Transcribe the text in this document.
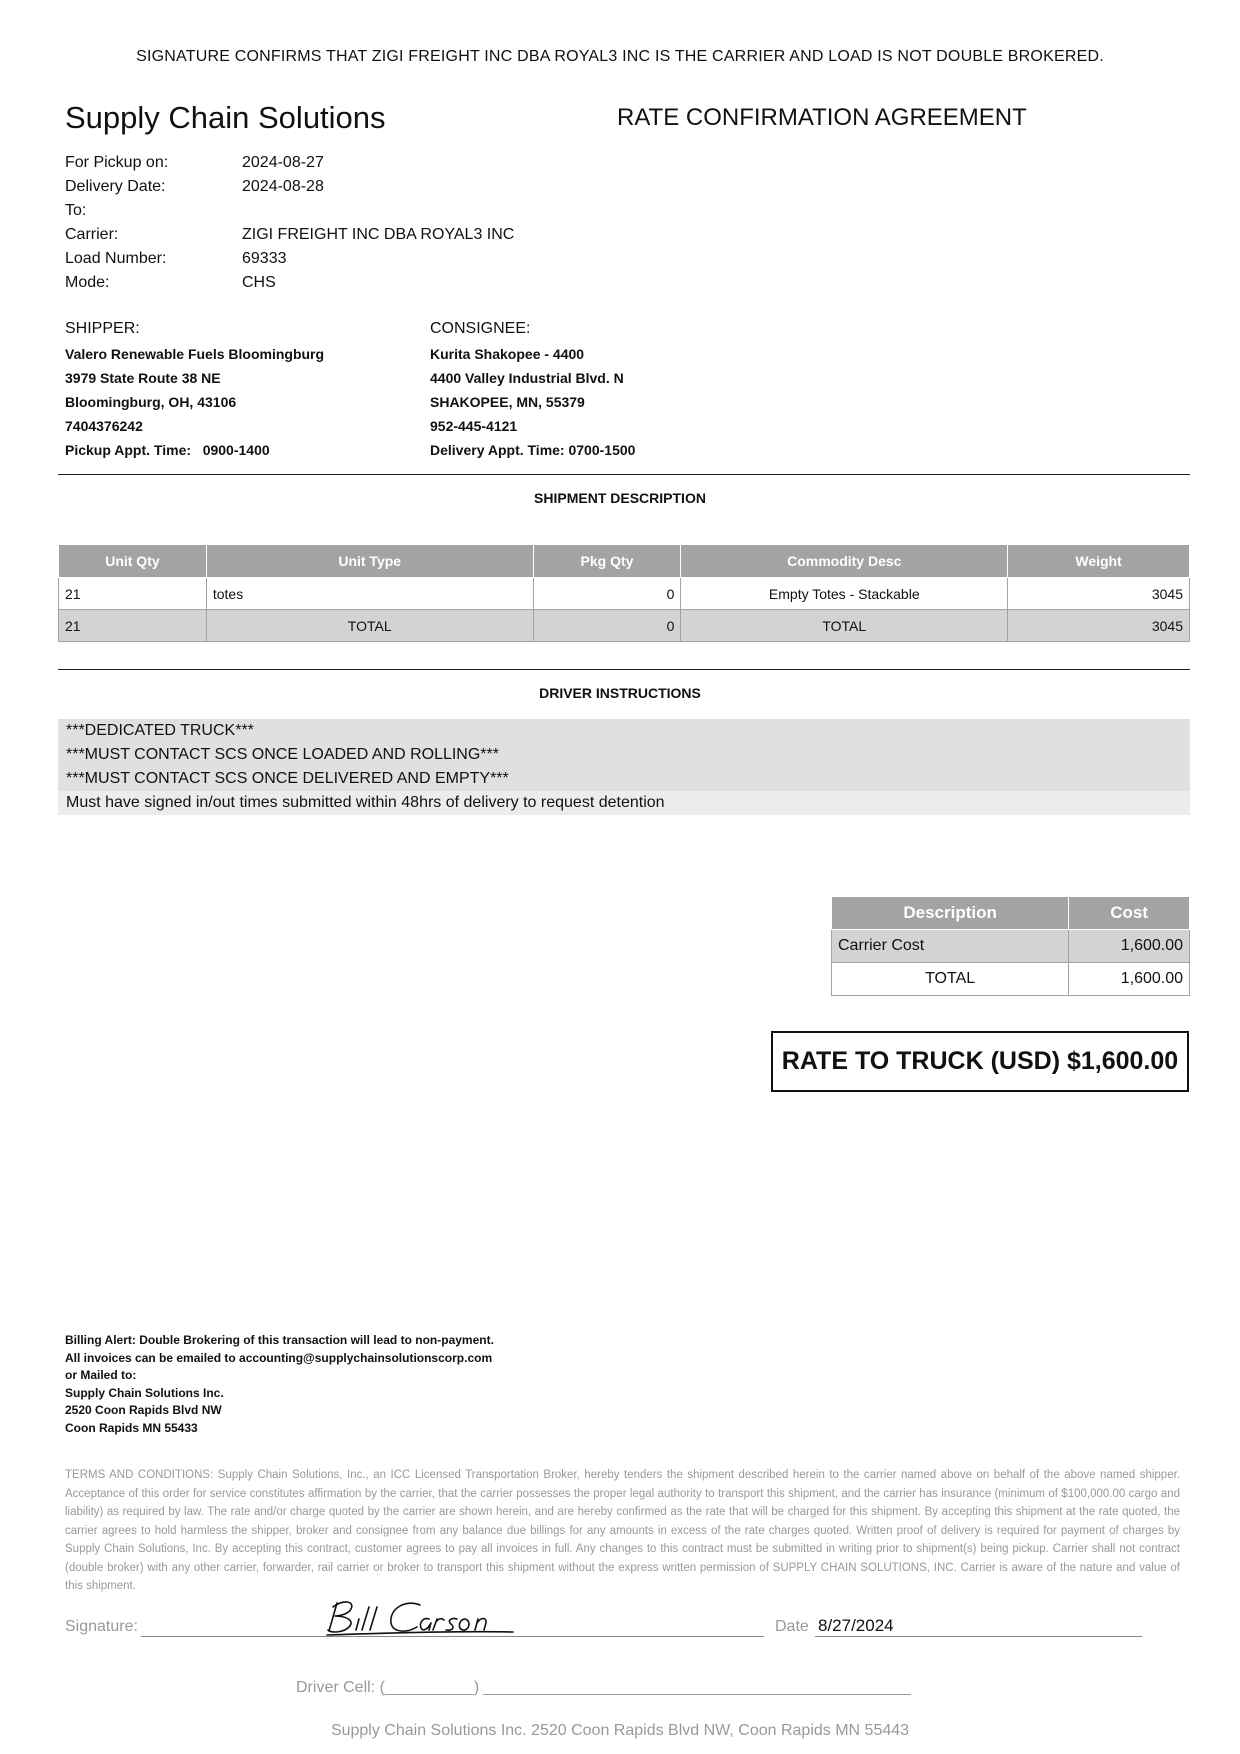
SIGNATURE CONFIRMS THAT ZIGI FREIGHT INC DBA ROYAL3 INC IS THE CARRIER AND LOAD IS NOT DOUBLE BROKERED.
Supply Chain Solutions	RATE CONFIRMATION AGREEMENT
For Pickup on:	2024-08-27
Delivery Date:	2024-08-28
To:
Carrier:	ZIGI FREIGHT INC DBA ROYAL3 INC
Load Number:	69333
Mode:	CHS
SHIPPER:
Valero Renewable Fuels Bloomingburg
3979 State Route 38 NE
Bloomingburg, OH, 43106
7404376242
Pickup Appt. Time: 0900-1400
CONSIGNEE:
Kurita Shakopee - 4400
4400 Valley Industrial Blvd. N
SHAKOPEE, MN, 55379
952-445-4121
Delivery Appt. Time: 0700-1500
SHIPMENT DESCRIPTION
Unit Qty	Unit Type	Pkg Qty	Commodity Desc	Weight
21	totes	0	Empty Totes - Stackable	3045
21	TOTAL	0	TOTAL	3045
DRIVER INSTRUCTIONS
***DEDICATED TRUCK***
***MUST CONTACT SCS ONCE LOADED AND ROLLING***
***MUST CONTACT SCS ONCE DELIVERED AND EMPTY***
Must have signed in/out times submitted within 48hrs of delivery to request detention
Description	Cost
Carrier Cost	1,600.00
TOTAL	1,600.00
RATE TO TRUCK (USD) $1,600.00
Billing Alert: Double Brokering of this transaction will lead to non-payment.
All invoices can be emailed to accounting@supplychainsolutionscorp.com
or Mailed to:
Supply Chain Solutions Inc.
2520 Coon Rapids Blvd NW
Coon Rapids MN 55433
TERMS AND CONDITIONS: Supply Chain Solutions, Inc., an ICC Licensed Transportation Broker, hereby tenders the shipment described herein to the carrier named above on behalf of the above named shipper. Acceptance of this order for service constitutes affirmation by the carrier, that the carrier possesses the proper legal authority to transport this shipment, and the carrier has insurance (minimum of $100,000.00 cargo and liability) as required by law. The rate and/or charge quoted by the carrier are shown herein, and are hereby confirmed as the rate that will be charged for this shipment. By accepting this shipment at the rate quoted, the carrier agrees to hold harmless the shipper, broker and consignee from any balance due billings for any amounts in excess of the rate charges quoted. Written proof of delivery is required for payment of charges by Supply Chain Solutions, Inc. By accepting this contract, customer agrees to pay all invoices in full. Any changes to this contract must be submitted in writing prior to shipment(s) being pickup. Carrier shall not contract (double broker) with any other carrier, forwarder, rail carrier or broker to transport this shipment without the express written permission of SUPPLY CHAIN SOLUTIONS, INC. Carrier is aware of the nature and value of this shipment.
Signature:	Date 8/27/2024
Driver Cell: (__________) ________________________________________________
Supply Chain Solutions Inc. 2520 Coon Rapids Blvd NW, Coon Rapids MN 55443
